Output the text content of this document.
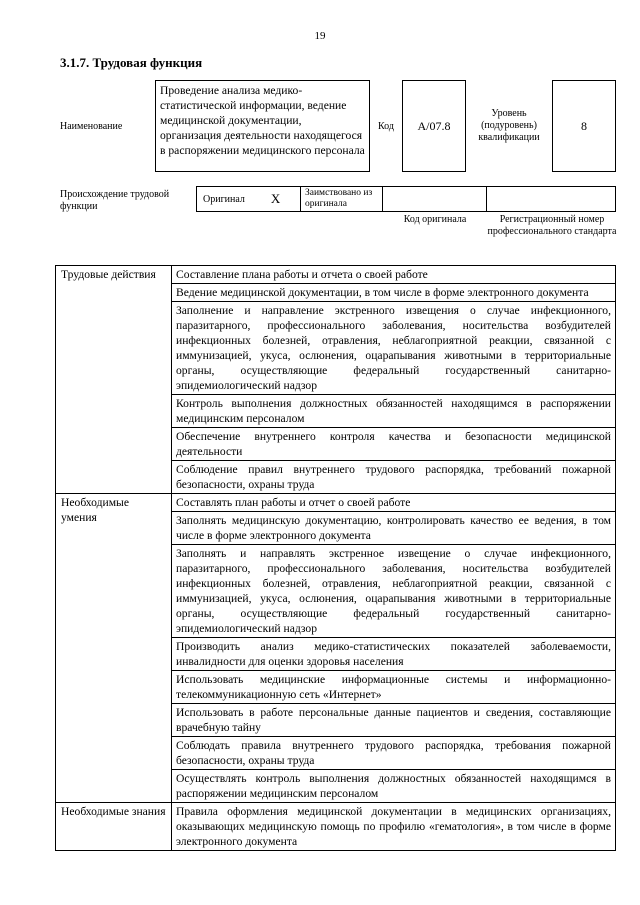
19
3.1.7. Трудовая функция
Наименование
Проведение анализа медико-статистической информации, ведение медицинской документации, организация деятельности находящегося в распоряжении медицинского персонала
Код А/07.8
Уровень (подуровень) квалификации
8
Происхождение трудовой функции
Оригинал X	Заимствовано из оригинала
Код оригинала	Регистрационный номер профессионального стандарта
Трудовые действия	Составление плана работы и отчета о своей работе
	Ведение медицинской документации, в том числе в форме электронного документа
	Заполнение и направление экстренного извещения о случае инфекционного, паразитарного, профессионального заболевания, носительства возбудителей инфекционных болезней, отравления, неблагоприятной реакции, связанной с иммунизацией, укуса, ослюнения, оцарапывания животными в территориальные органы, осуществляющие федеральный государственный санитарно-эпидемиологический надзор
	Контроль выполнения должностных обязанностей находящимся в распоряжении медицинским персоналом
	Обеспечение внутреннего контроля качества и безопасности медицинской деятельности
	Соблюдение правил внутреннего трудового распорядка, требований пожарной безопасности, охраны труда
Необходимые умения	Составлять план работы и отчет о своей работе
	Заполнять медицинскую документацию, контролировать качество ее ведения, в том числе в форме электронного документа
	Заполнять и направлять экстренное извещение о случае инфекционного, паразитарного, профессионального заболевания, носительства возбудителей инфекционных болезней, отравления, неблагоприятной реакции, связанной с иммунизацией, укуса, ослюнения, оцарапывания животными в территориальные органы, осуществляющие федеральный государственный санитарно-эпидемиологический надзор
	Производить анализ медико-статистических показателей заболеваемости, инвалидности для оценки здоровья населения
	Использовать медицинские информационные системы и информационно-телекоммуникационную сеть «Интернет»
	Использовать в работе персональные данные пациентов и сведения, составляющие врачебную тайну
	Соблюдать правила внутреннего трудового распорядка, требования пожарной безопасности, охраны труда
	Осуществлять контроль выполнения должностных обязанностей находящимся в распоряжении медицинским персоналом
Необходимые знания	Правила оформления медицинской документации в медицинских организациях, оказывающих медицинскую помощь по профилю «гематология», в том числе в форме электронного документа
